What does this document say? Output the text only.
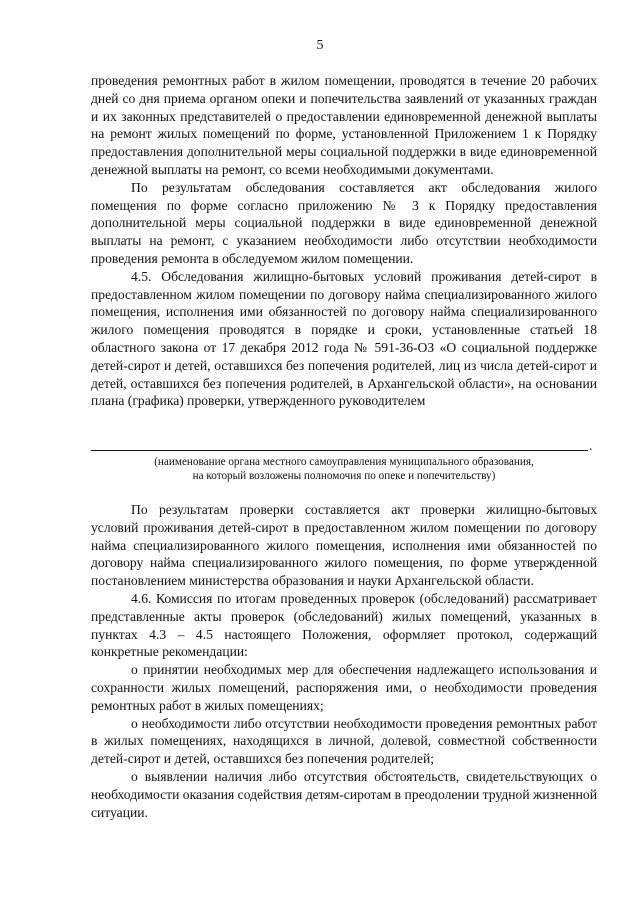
5

проведения ремонтных работ в жилом помещении, проводятся в течение 20 рабочих дней со дня приема органом опеки и попечительства заявлений от указанных граждан и их законных представителей о предоставлении единовременной денежной выплаты на ремонт жилых помещений по форме, установленной Приложением 1 к Порядку предоставления дополнительной меры социальной поддержки в виде единовременной денежной выплаты на ремонт, со всеми необходимыми документами.

По результатам обследования составляется акт обследования жилого помещения по форме согласно приложению № 3 к Порядку предоставления дополнительной меры социальной поддержки в виде единовременной денежной выплаты на ремонт, с указанием необходимости либо отсутствии необходимости проведения ремонта в обследуемом жилом помещении.

4.5. Обследования жилищно-бытовых условий проживания детей-сирот в предоставленном жилом помещении по договору найма специализированного жилого помещения, исполнения ими обязанностей по договору найма специализированного жилого помещения проводятся в порядке и сроки, установленные статьей 18 областного закона от 17 декабря 2012 года № 591-36-ОЗ «О социальной поддержке детей-сирот и детей, оставшихся без попечения родителей, лиц из числа детей-сирот и детей, оставшихся без попечения родителей, в Архангельской области», на основании плана (графика) проверки, утвержденного руководителем

.
(наименование органа местного самоуправления муниципального образования,
на который возложены полномочия по опеке и попечительству)

По результатам проверки составляется акт проверки жилищно-бытовых условий проживания детей-сирот в предоставленном жилом помещении по договору найма специализированного жилого помещения, исполнения ими обязанностей по договору найма специализированного жилого помещения, по форме утвержденной постановлением министерства образования и науки Архангельской области.

4.6. Комиссия по итогам проведенных проверок (обследований) рассматривает представленные акты проверок (обследований) жилых помещений, указанных в пунктах 4.3 – 4.5 настоящего Положения, оформляет протокол, содержащий конкретные рекомендации:

о принятии необходимых мер для обеспечения надлежащего использования и сохранности жилых помещений, распоряжения ими, о необходимости проведения ремонтных работ в жилых помещениях;

о необходимости либо отсутствии необходимости проведения ремонтных работ в жилых помещениях, находящихся в личной, долевой, совместной собственности детей-сирот и детей, оставшихся без попечения родителей;

о выявлении наличия либо отсутствия обстоятельств, свидетельствующих о необходимости оказания содействия детям-сиротам в преодолении трудной жизненной ситуации.
